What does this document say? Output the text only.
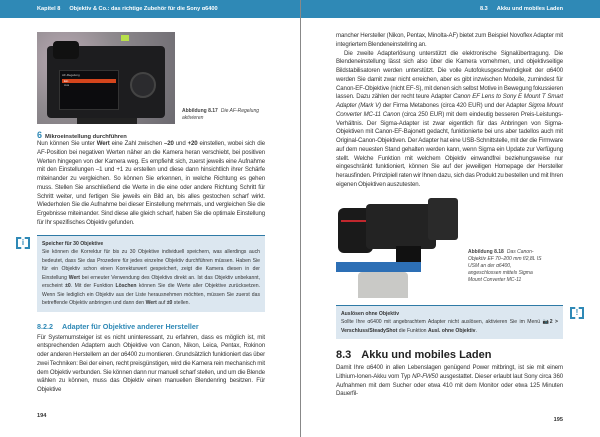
Kapitel 8 Objektiv & Co.: das richtige Zubehör für die Sony α6400
AF-Regelung
Ein
Aus
Abbildung 8.17 Die AF-Regelung aktivieren
6 Mikroeinstellung durchführen

Nun können Sie unter Wert eine Zahl zwischen –20 und +20 einstellen, wobei sich die AF-Position bei negativen Werten näher an die Kamera heran verschiebt, bei positiven Werten hingegen von der Kamera weg. Es empfiehlt sich, zuerst jeweils eine Aufnahme mit den Einstellungen –1 und +1 zu erstellen und diese dann hinsichtlich ihrer Schärfe miteinander zu vergleichen. So können Sie erkennen, in welche Richtung es gehen muss. Stellen Sie anschließend die Werte in die eine oder andere Richtung Schritt für Schritt weiter, und fertigen Sie jeweils ein Bild an, bis alles gestochen scharf wirkt. Wiederholen Sie die Aufnahme bei dieser Einstellung mehrmals, und vergleichen Sie die Ergebnisse miteinander. Sind diese alle gleich scharf, haben Sie die optimale Einstellung für Ihr spezifisches Objektiv gefunden.

i	Speicher für 30 Objektive
Sie können die Korrektur für bis zu 30 Objektive individuell speichern, was allerdings auch bedeutet, dass Sie das Prozedere für jedes einzelne Objektiv durchführen müssen. Haben Sie für ein Objektiv schon einen Korrekturwert gespeichert, zeigt die Kamera diesen in der Einstellung Wert bei erneuter Verwendung des Objektivs direkt an. Ist das Objektiv unbekannt, erscheint ±0. Mit der Funktion Löschen können Sie die Werte aller Objektive zurücksetzen. Wenn Sie lediglich ein Objektiv aus der Liste herausnehmen möchten, müssen Sie zuerst das betreffende Objektiv anbringen und dann den Wert auf ±0 stellen.
8.2.2 Adapter für Objektive anderer Hersteller

Für Systemumsteiger ist es nicht uninteressant, zu erfahren, dass es möglich ist, mit entsprechenden Adaptern auch Objektive von Canon, Nikon, Leica, Pentax, Rokinon oder anderen Herstellern an der α6400 zu montieren. Grundsätzlich funktioniert das über zwei Techniken: Bei der einen, recht preisgünstigen, wird die Kamera rein mechanisch mit dem Objektiv verbunden. Sie können dann nur manuell scharf stellen, und um die Blende wählen zu können, muss das Objektiv einen manuellen Blendenring besitzen. Für Objektive

194
8.3 Akku und mobiles Laden

mancher Hersteller (Nikon, Pentax, Minolta-AF) bietet zum Beispiel Novoflex Adapter mit integriertem Blendeneinstellring an.

Die zweite Adapterlösung unterstützt die elektronische Signalübertragung. Die Blendeneinstellung lässt sich also über die Kamera vornehmen, und objektivseitige Bildstabilisatoren werden unterstützt. Die volle Autofokusgeschwindigkeit der α6400 werden Sie damit zwar nicht erreichen, aber es gibt inzwischen Modelle, zumindest für Canon-EF-Objektive (nicht EF-S), mit denen sich selbst Motive in Bewegung fokussieren lassen. Dazu zählen der recht teure Adapter Canon EF Lens to Sony E Mount T Smart Adapter (Mark V) der Firma Metabones (circa 420 EUR) und der Adapter Sigma Mount Converter MC-11 Canon (circa 250 EUR) mit dem eindeutig besseren Preis-Leistungs-Verhältnis. Der Sigma-Adapter ist zwar eigentlich für das Anbringen von Sigma-Objektiven mit Canon-EF-Bajonett gedacht, funktionierte bei uns aber tadellos auch mit Original-Canon-Objektiven. Der Adapter hat eine USB-Schnittstelle, mit der die Firmware auf dem neuesten Stand gehalten werden kann, wenn Sigma ein Update zur Verfügung stellt. Welche Funktion mit welchem Objektiv einwandfrei beziehungsweise nur eingeschränkt funktioniert, können Sie auf der jeweiligen Homepage der Hersteller herausfinden. Prinzipiell raten wir Ihnen dazu, sich das Produkt zu bestellen und mit Ihren eigenen Objektiven auszutesten.

Abbildung 8.18 Das Canon-Objektiv EF 70–200 mm f/2,8L IS USM an der α6400, angeschlossen mittels Sigma Mount Converter MC-11
Auslösen ohne Objektiv
Sollte Ihre α6400 mit angebrachtem Adapter nicht auslösen, aktivieren Sie im Menü 📷2 > Verschluss/SteadyShot die Funktion Ausl. ohne Objektiv.
!
8.3 Akku und mobiles Laden

Damit Ihre α6400 in allen Lebenslagen genügend Power mitbringt, ist sie mit einem Lithium-Ionen-Akku vom Typ NP-FW50 ausgestattet. Dieser erlaubt laut Sony circa 360 Aufnahmen mit dem Sucher oder etwa 410 mit dem Monitor oder etwa 125 Minuten Dauerfil-

195
